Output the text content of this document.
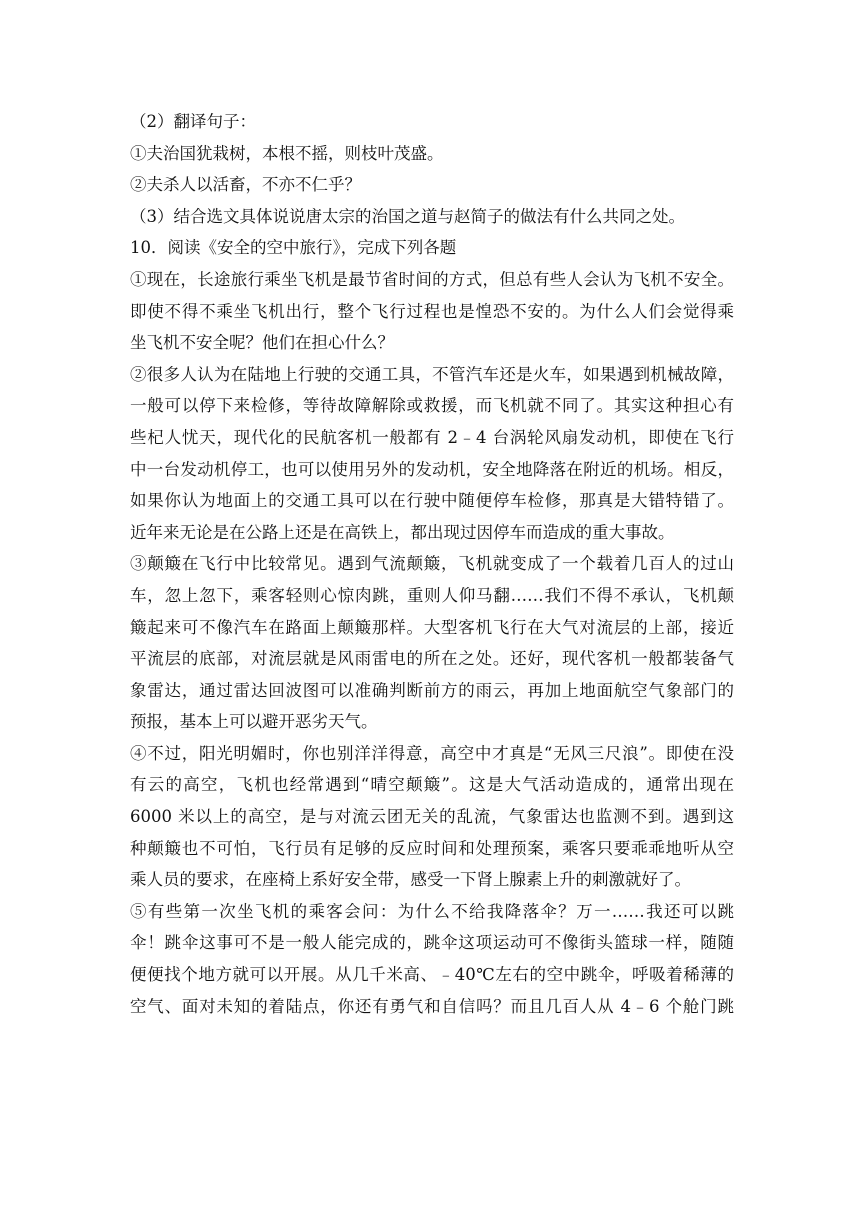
（2）翻译句子：

①夫治国犹栽树，本根不摇，则枝叶茂盛。

②夫杀人以活畜，不亦不仁乎？

（3）结合选文具体说说唐太宗的治国之道与赵简子的做法有什么共同之处。

10．阅读《安全的空中旅行》，完成下列各题

①现在，长途旅行乘坐飞机是最节省时间的方式，但总有些人会认为飞机不安全。

即使不得不乘坐飞机出行，整个飞行过程也是惶恐不安的。为什么人们会觉得乘

坐飞机不安全呢？他们在担心什么？

②很多人认为在陆地上行驶的交通工具，不管汽车还是火车，如果遇到机械故障，

一般可以停下来检修，等待故障解除或救援，而飞机就不同了。其实这种担心有

些杞人忧天，现代化的民航客机一般都有 2﹣4 台涡轮风扇发动机，即使在飞行

中一台发动机停工，也可以使用另外的发动机，安全地降落在附近的机场。相反，

如果你认为地面上的交通工具可以在行驶中随便停车检修，那真是大错特错了。

近年来无论是在公路上还是在高铁上，都出现过因停车而造成的重大事故。

③颠簸在飞行中比较常见。遇到气流颠簸，飞机就变成了一个载着几百人的过山

车，忽上忽下，乘客轻则心惊肉跳，重则人仰马翻……我们不得不承认，飞机颠

簸起来可不像汽车在路面上颠簸那样。大型客机飞行在大气对流层的上部，接近

平流层的底部，对流层就是风雨雷电的所在之处。还好，现代客机一般都装备气

象雷达，通过雷达回波图可以准确判断前方的雨云，再加上地面航空气象部门的

预报，基本上可以避开恶劣天气。

④不过，阳光明媚时，你也别洋洋得意，高空中才真是“无风三尺浪”。即使在没

有云的高空，飞机也经常遇到“晴空颠簸”。这是大气活动造成的，通常出现在

6000 米以上的高空，是与对流云团无关的乱流，气象雷达也监测不到。遇到这

种颠簸也不可怕，飞行员有足够的反应时间和处理预案，乘客只要乖乖地听从空

乘人员的要求，在座椅上系好安全带，感受一下肾上腺素上升的刺激就好了。

⑤有些第一次坐飞机的乘客会问：为什么不给我降落伞？万一……我还可以跳

伞！跳伞这事可不是一般人能完成的，跳伞这项运动可不像街头篮球一样，随随

便便找个地方就可以开展。从几千米高、﹣40℃左右的空中跳伞，呼吸着稀薄的

空气、面对未知的着陆点，你还有勇气和自信吗？而且几百人从 4﹣6 个舱门跳
